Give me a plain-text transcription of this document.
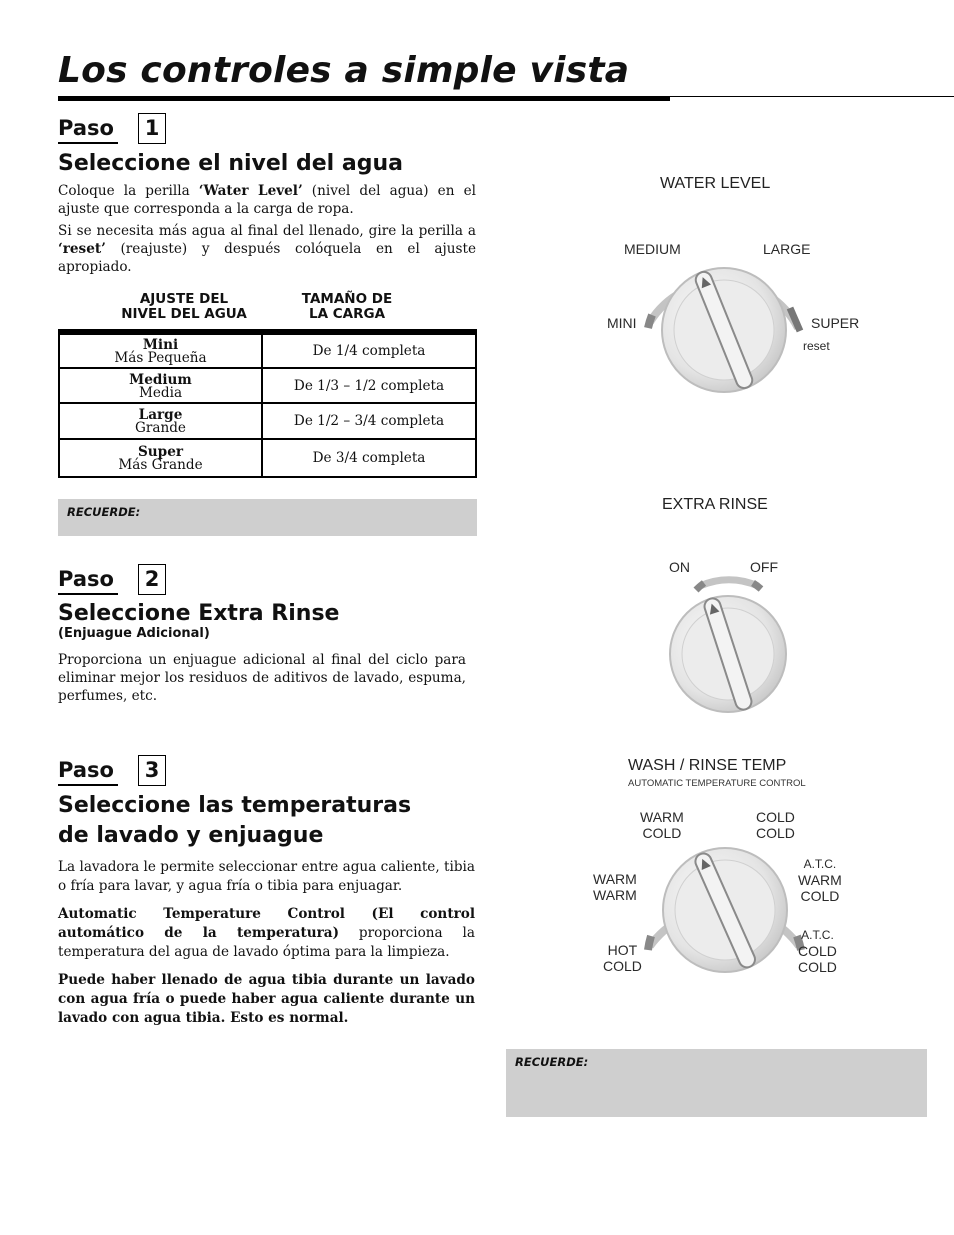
Los controles a simple vista
Paso	1
Seleccione el nivel del agua

Coloque la perilla ‘Water Level’ (nivel del agua) en el ajuste que corresponda a la carga de ropa.

Si se necesita más agua al final del llenado, gire la perilla a ‘reset’ (reajuste) y después colóquela en el ajuste apropiado.

AJUSTE DEL
NIVEL DEL AGUA
TAMAÑO DE
LA CARGA
Mini
Más Pequeña	De 1/4 completa

Medium
Media	De 1/3 – 1/2 completa

Large
Grande	De 1/2 – 3/4 completa

Super
Más Grande	De 3/4 completa
RECUERDE:
Paso	2
Seleccione Extra Rinse
(Enjuague Adicional)

Proporciona un enjuague adicional al final del ciclo para eliminar mejor los residuos de aditivos de lavado, espuma, perfumes, etc.

Paso	3
Seleccione las temperaturas
de lavado y enjuague

La lavadora le permite seleccionar entre agua caliente, tibia o fría para lavar, y agua fría o tibia para enjuagar.

Automatic Temperature Control (El control automático de la temperatura) proporciona la temperatura del agua de lavado óptima para la limpieza.

Puede haber llenado de agua tibia durante un lavado con agua fría o puede haber agua caliente durante un lavado con agua tibia. Esto es normal.

RECUERDE:
WATER LEVEL
MEDIUM	LARGE
MINI	SUPER
reset
EXTRA RINSE
ON	OFF
WASH / RINSE TEMP
AUTOMATIC TEMPERATURE CONTROL
WARM
COLD
COLD
COLD
WARM
WARM
A.T.C.
WARM
COLD
HOT
COLD
A.T.C.
COLD
COLD
